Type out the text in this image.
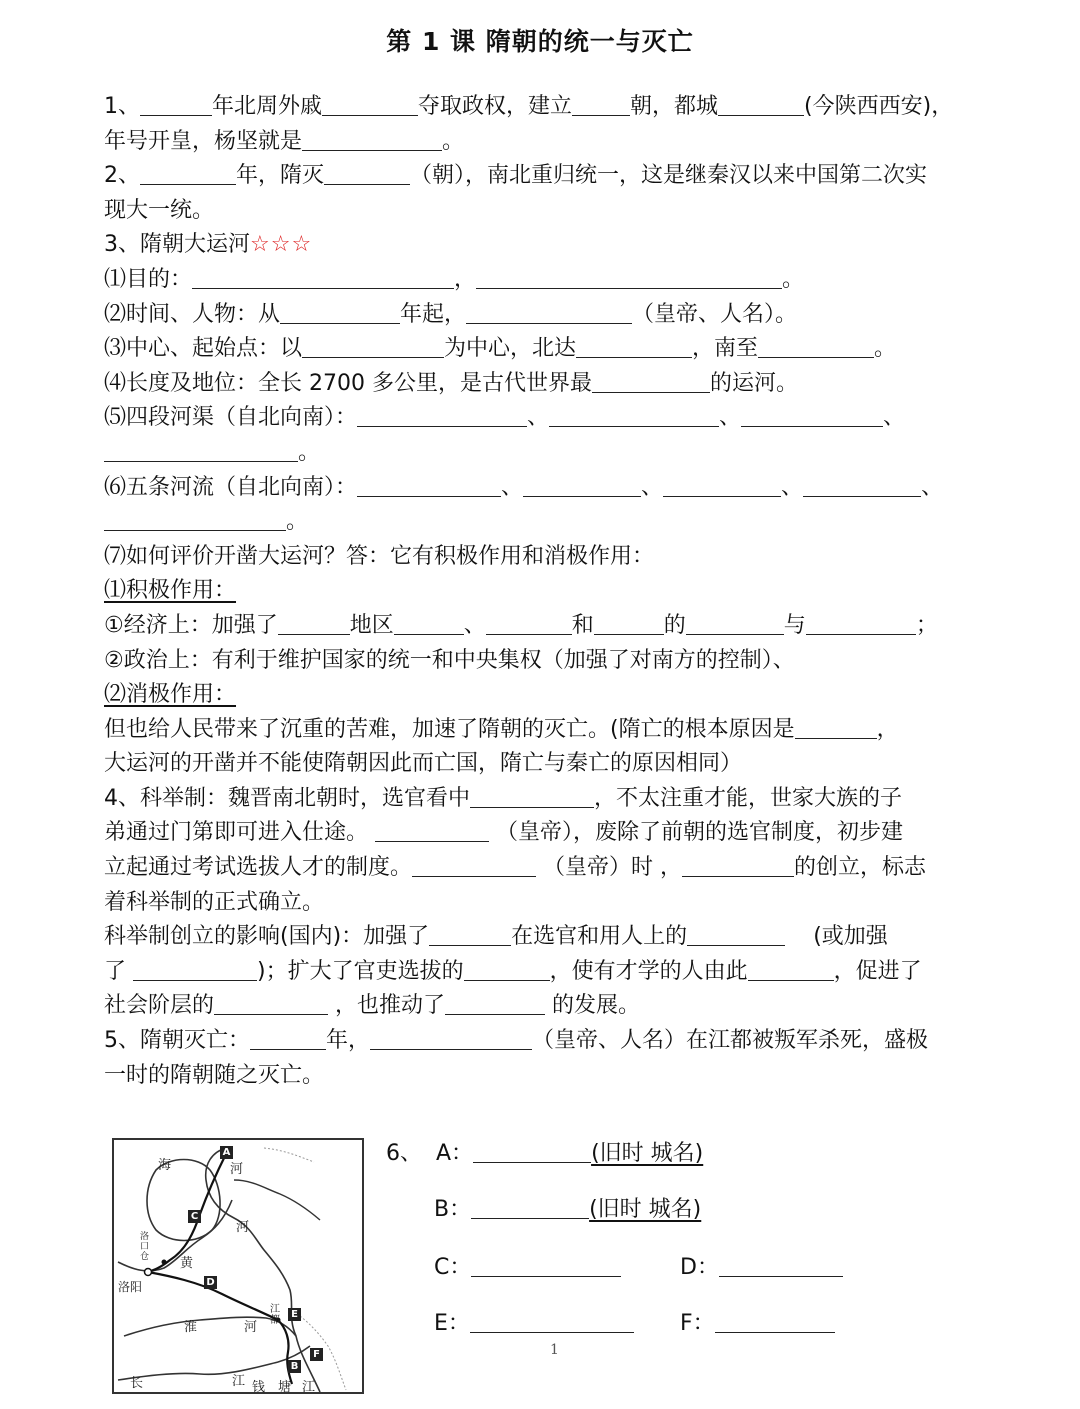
第 1 课 隋朝的统一与灭亡
1、	年北周外戚	夺取政权，建立	朝，都城	(今陕西西安)，
年号开皇，杨坚就是	。
2、	年，隋灭	（朝），南北重归统一，这是继秦汉以来中国第二次实
现大一统。
3、隋朝大运河☆☆☆
⑴目的：	，	。
⑵时间、人物：从	年起，	（皇帝、人名）。
⑶中心、起始点：以	为中心，北达	，南至	。
⑷长度及地位：全长 2700 多公里，是古代世界最	的运河。
⑸四段河渠（自北向南）：	、	、	、
。
⑹五条河流（自北向南）：	、	、	、	、
。
⑺如何评价开凿大运河？答：它有积极作用和消极作用：
⑴积极作用：
①经济上：加强了	地区	、	和	的	与	；
②政治上：有利于维护国家的统一和中央集权（加强了对南方的控制）、
⑵消极作用：
但也给人民带来了沉重的苦难，加速了隋朝的灭亡。(隋亡的根本原因是	，
大运河的开凿并不能使隋朝因此而亡国，隋亡与秦亡的原因相同）
4、科举制：魏晋南北朝时，选官看中	，不太注重才能，世家大族的子
弟通过门第即可进入仕途。	（皇帝），废除了前朝的选官制度，初步建
立起通过考试选拔人才的制度。	（皇帝）时 ，	的创立，标志
着科举制的正式确立。
科举制创立的影响(国内)：加强了	在选官和用人上的	(或加强
了	)；扩大了官吏选拔的	，使有才学的人由此	，促进了
社会阶层的	，也推动了	的发展。
5、隋朝灭亡：	年，	（皇帝、人名）在江都被叛军杀死，盛极
一时的隋朝随之灭亡。
海	河
河
黄
淮	河
洛口仓
洛阳
江都
长	江 钱 塘 江
A
B
C
D
E
F
6、 A：	(旧时 城名)
B：	(旧时 城名)
C：	D：
E：	F：
1
